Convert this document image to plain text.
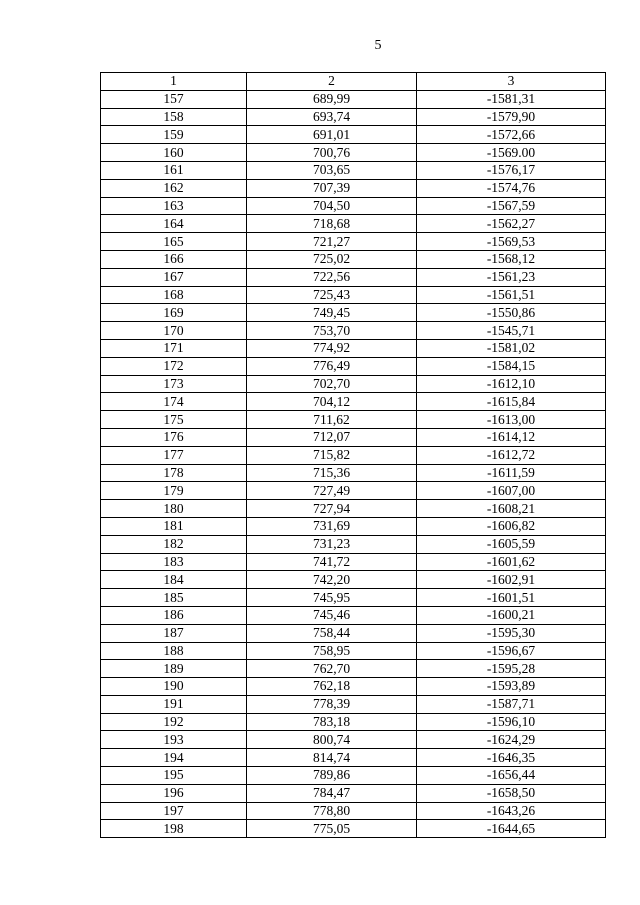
5
1	2	3
157	689,99	-1581,31
158	693,74	-1579,90
159	691,01	-1572,66
160	700,76	-1569.00
161	703,65	-1576,17
162	707,39	-1574,76
163	704,50	-1567,59
164	718,68	-1562,27
165	721,27	-1569,53
166	725,02	-1568,12
167	722,56	-1561,23
168	725,43	-1561,51
169	749,45	-1550,86
170	753,70	-1545,71
171	774,92	-1581,02
172	776,49	-1584,15
173	702,70	-1612,10
174	704,12	-1615,84
175	711,62	-1613,00
176	712,07	-1614,12
177	715,82	-1612,72
178	715,36	-1611,59
179	727,49	-1607,00
180	727,94	-1608,21
181	731,69	-1606,82
182	731,23	-1605,59
183	741,72	-1601,62
184	742,20	-1602,91
185	745,95	-1601,51
186	745,46	-1600,21
187	758,44	-1595,30
188	758,95	-1596,67
189	762,70	-1595,28
190	762,18	-1593,89
191	778,39	-1587,71
192	783,18	-1596,10
193	800,74	-1624,29
194	814,74	-1646,35
195	789,86	-1656,44
196	784,47	-1658,50
197	778,80	-1643,26
198	775,05	-1644,65
